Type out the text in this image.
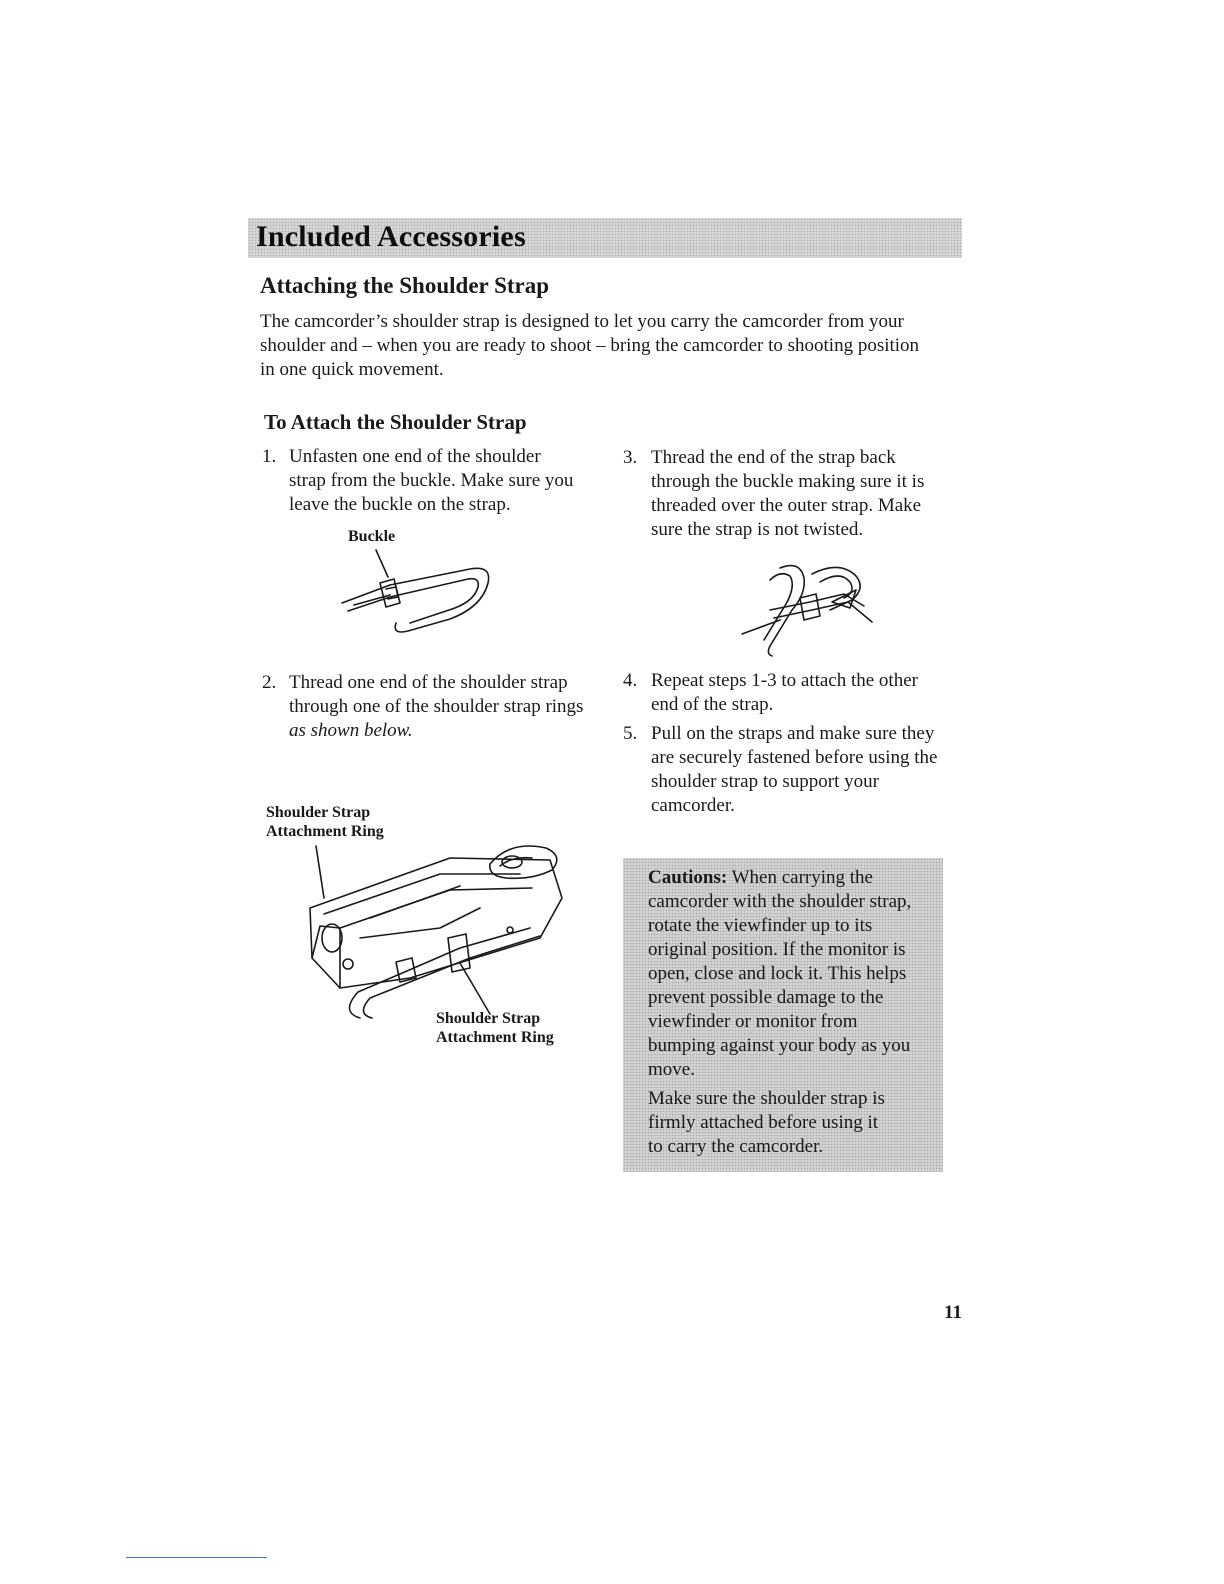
Included Accessories
Attaching the Shoulder Strap
The camcorder’s shoulder strap is designed to let you carry the camcorder from your
shoulder and – when you are ready to shoot – bring the camcorder to shooting position
in one quick movement.
To Attach the Shoulder Strap
1. Unfasten one end of the shoulder
strap from the buckle. Make sure you
leave the buckle on the strap.
Buckle
2. Thread one end of the shoulder strap
through one of the shoulder strap rings
as shown below.
Shoulder Strap
Attachment Ring
Shoulder Strap
Attachment Ring
3. Thread the end of the strap back
through the buckle making sure it is
threaded over the outer strap. Make
sure the strap is not twisted.
4. Repeat steps 1-3 to attach the other
end of the strap.
5. Pull on the straps and make sure they
are securely fastened before using the
shoulder strap to support your
camcorder.

Cautions: When carrying the

camcorder with the shoulder strap,

rotate the viewfinder up to its

original position. If the monitor is

open, close and lock it. This helps

prevent possible damage to the

viewfinder or monitor from

bumping against your body as you

move.

Make sure the shoulder strap is

firmly attached before using it

to carry the camcorder.

11
